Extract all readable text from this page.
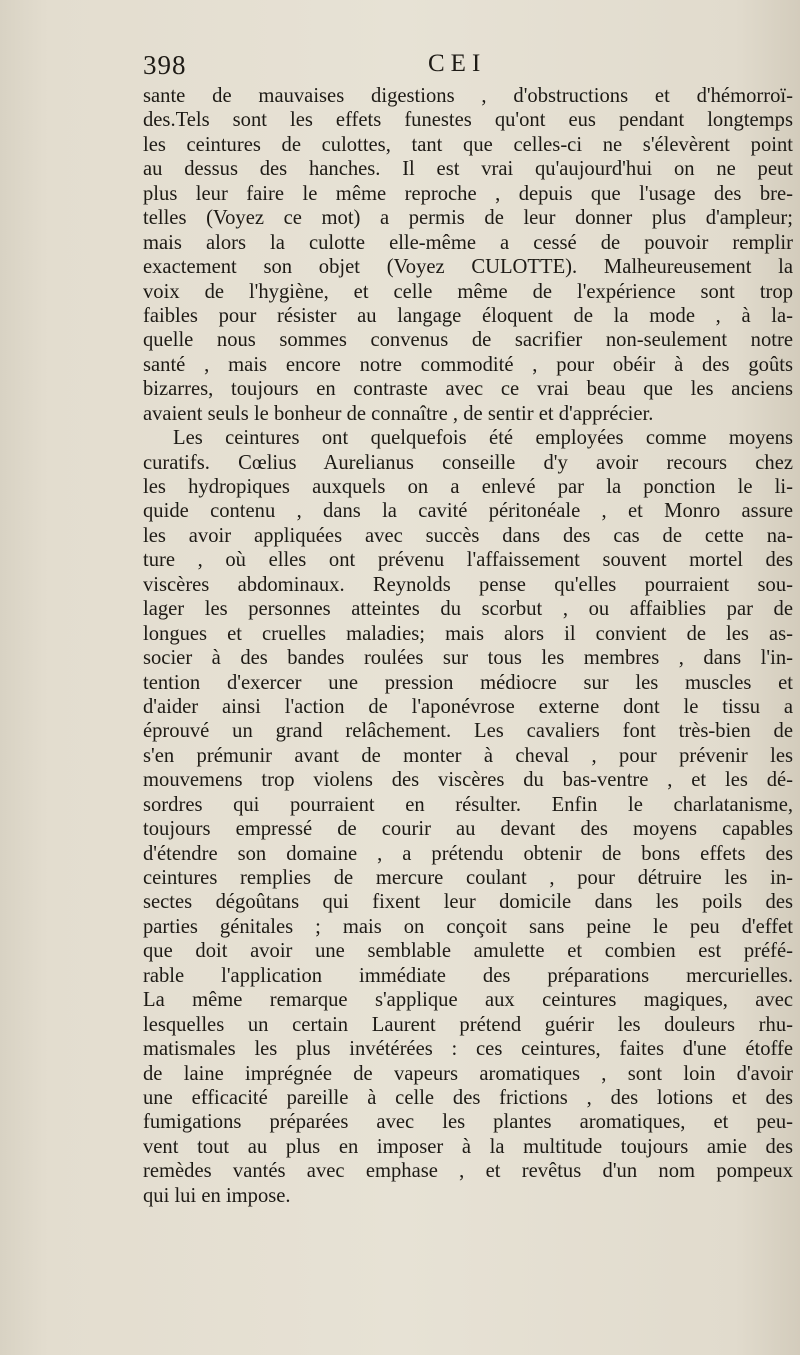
398	CEI
sante de mauvaises digestions , d'obstructions et d'hémorroï-
des.Tels sont les effets funestes qu'ont eus pendant longtemps
les ceintures de culottes, tant que celles-ci ne s'élevèrent point
au dessus des hanches. Il est vrai qu'aujourd'hui on ne peut
plus leur faire le même reproche , depuis que l'usage des bre-
telles (Voyez ce mot) a permis de leur donner plus d'ampleur;
mais alors la culotte elle-même a cessé de pouvoir remplir
exactement son objet (Voyez CULOTTE). Malheureusement la
voix de l'hygiène, et celle même de l'expérience sont trop
faibles pour résister au langage éloquent de la mode , à la-
quelle nous sommes convenus de sacrifier non-seulement notre
santé , mais encore notre commodité , pour obéir à des goûts
bizarres, toujours en contraste avec ce vrai beau que les anciens
avaient seuls le bonheur de connaître , de sentir et d'apprécier.
Les ceintures ont quelquefois été employées comme moyens
curatifs. Cœlius Aurelianus conseille d'y avoir recours chez
les hydropiques auxquels on a enlevé par la ponction le li-
quide contenu , dans la cavité péritonéale , et Monro assure
les avoir appliquées avec succès dans des cas de cette na-
ture , où elles ont prévenu l'affaissement souvent mortel des
viscères abdominaux. Reynolds pense qu'elles pourraient sou-
lager les personnes atteintes du scorbut , ou affaiblies par de
longues et cruelles maladies; mais alors il convient de les as-
socier à des bandes roulées sur tous les membres , dans l'in-
tention d'exercer une pression médiocre sur les muscles et
d'aider ainsi l'action de l'aponévrose externe dont le tissu a
éprouvé un grand relâchement. Les cavaliers font très-bien de
s'en prémunir avant de monter à cheval , pour prévenir les
mouvemens trop violens des viscères du bas-ventre , et les dé-
sordres qui pourraient en résulter. Enfin le charlatanisme,
toujours empressé de courir au devant des moyens capables
d'étendre son domaine , a prétendu obtenir de bons effets des
ceintures remplies de mercure coulant , pour détruire les in-
sectes dégoûtans qui fixent leur domicile dans les poils des
parties génitales ; mais on conçoit sans peine le peu d'effet
que doit avoir une semblable amulette et combien est préfé-
rable l'application immédiate des préparations mercurielles.
La même remarque s'applique aux ceintures magiques, avec
lesquelles un certain Laurent prétend guérir les douleurs rhu-
matismales les plus invétérées : ces ceintures, faites d'une étoffe
de laine imprégnée de vapeurs aromatiques , sont loin d'avoir
une efficacité pareille à celle des frictions , des lotions et des
fumigations préparées avec les plantes aromatiques, et peu-
vent tout au plus en imposer à la multitude toujours amie des
remèdes vantés avec emphase , et revêtus d'un nom pompeux
qui lui en impose.
